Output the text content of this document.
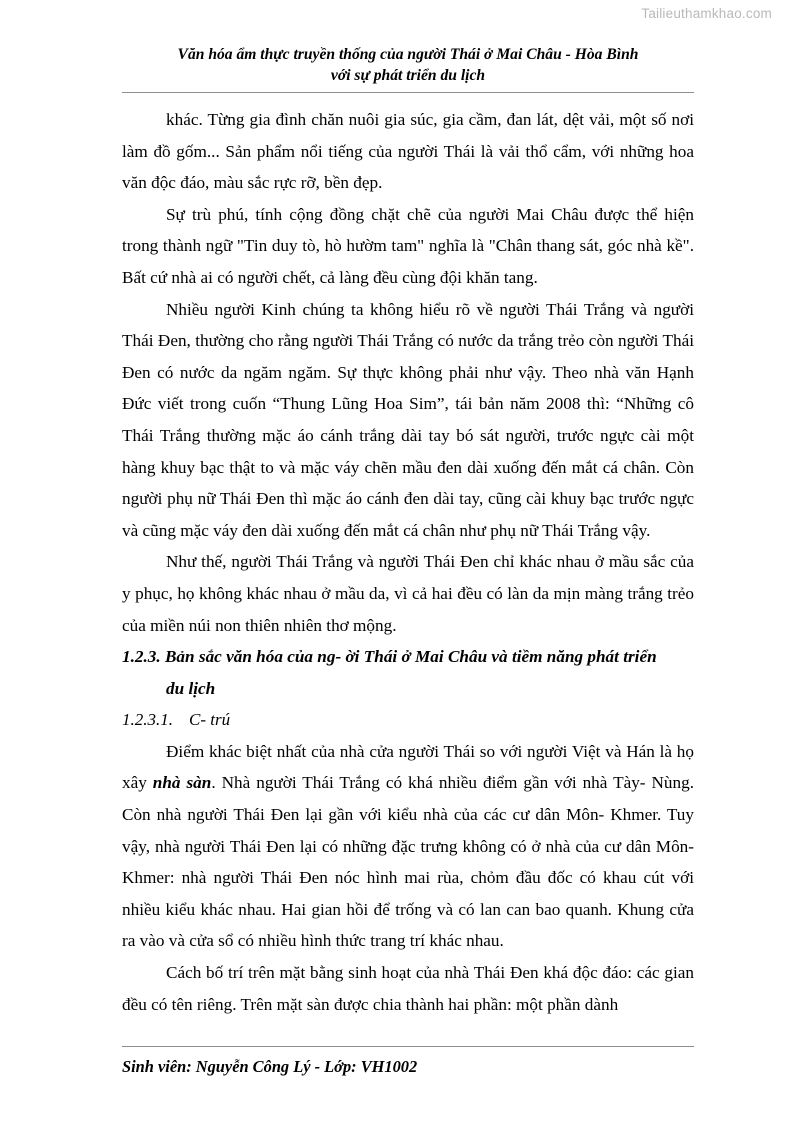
Tailieuthamkhao.com
Văn hóa ẩm thực truyền thống của người Thái ở Mai Châu - Hòa Bình
với sự phát triển du lịch

khác. Từng gia đình chăn nuôi gia súc, gia cầm, đan lát, dệt vải, một số nơi làm đồ gốm... Sản phẩm nổi tiếng của người Thái là vải thổ cẩm, với những hoa văn độc đáo, màu sắc rực rỡ, bền đẹp.

Sự trù phú, tính cộng đồng chặt chẽ của người Mai Châu được thể hiện trong thành ngữ "Tin duy tò, hò hườm tam" nghĩa là "Chân thang sát, góc nhà kề". Bất cứ nhà ai có người chết, cả làng đều cùng đội khăn tang.

Nhiều người Kinh chúng ta không hiểu rõ về người Thái Trắng và người Thái Đen, thường cho rằng người Thái Trắng có nước da trắng trẻo còn người Thái Đen có nước da ngăm ngăm. Sự thực không phải như vậy. Theo nhà văn Hạnh Đức viết trong cuốn “Thung Lũng Hoa Sim”, tái bản năm 2008 thì: “Những cô Thái Trắng thường mặc áo cánh trắng dài tay bó sát người, trước ngực cài một hàng khuy bạc thật to và mặc váy chẽn mầu đen dài xuống đến mắt cá chân. Còn người phụ nữ Thái Đen thì mặc áo cánh đen dài tay, cũng cài khuy bạc trước ngực và cũng mặc váy đen dài xuống đến mắt cá chân như phụ nữ Thái Trắng vậy.

Như thế, người Thái Trắng và người Thái Đen chỉ khác nhau ở mầu sắc của y phục, họ không khác nhau ở mầu da, vì cả hai đều có làn da mịn màng trắng trẻo của miền núi non thiên nhiên thơ mộng.

1.2.3. Bản sắc văn hóa của ng- ời Thái ở Mai Châu và tiềm năng phát triển
du lịch
1.2.3.1. C- trú

Điểm khác biệt nhất của nhà cửa người Thái so với người Việt và Hán là họ xây nhà sàn. Nhà người Thái Trắng có khá nhiều điểm gần với nhà Tày- Nùng. Còn nhà người Thái Đen lại gần với kiểu nhà của các cư dân Môn- Khmer. Tuy vậy, nhà người Thái Đen lại có những đặc trưng không có ở nhà của cư dân Môn-Khmer: nhà người Thái Đen nóc hình mai rùa, chỏm đầu đốc có khau cút với nhiều kiểu khác nhau. Hai gian hồi để trống và có lan can bao quanh. Khung cửa ra vào và cửa sổ có nhiều hình thức trang trí khác nhau.

Cách bố trí trên mặt bằng sinh hoạt của nhà Thái Đen khá độc đáo: các gian đều có tên riêng. Trên mặt sàn được chia thành hai phần: một phần dành

Sinh viên: Nguyễn Công Lý - Lớp: VH1002
